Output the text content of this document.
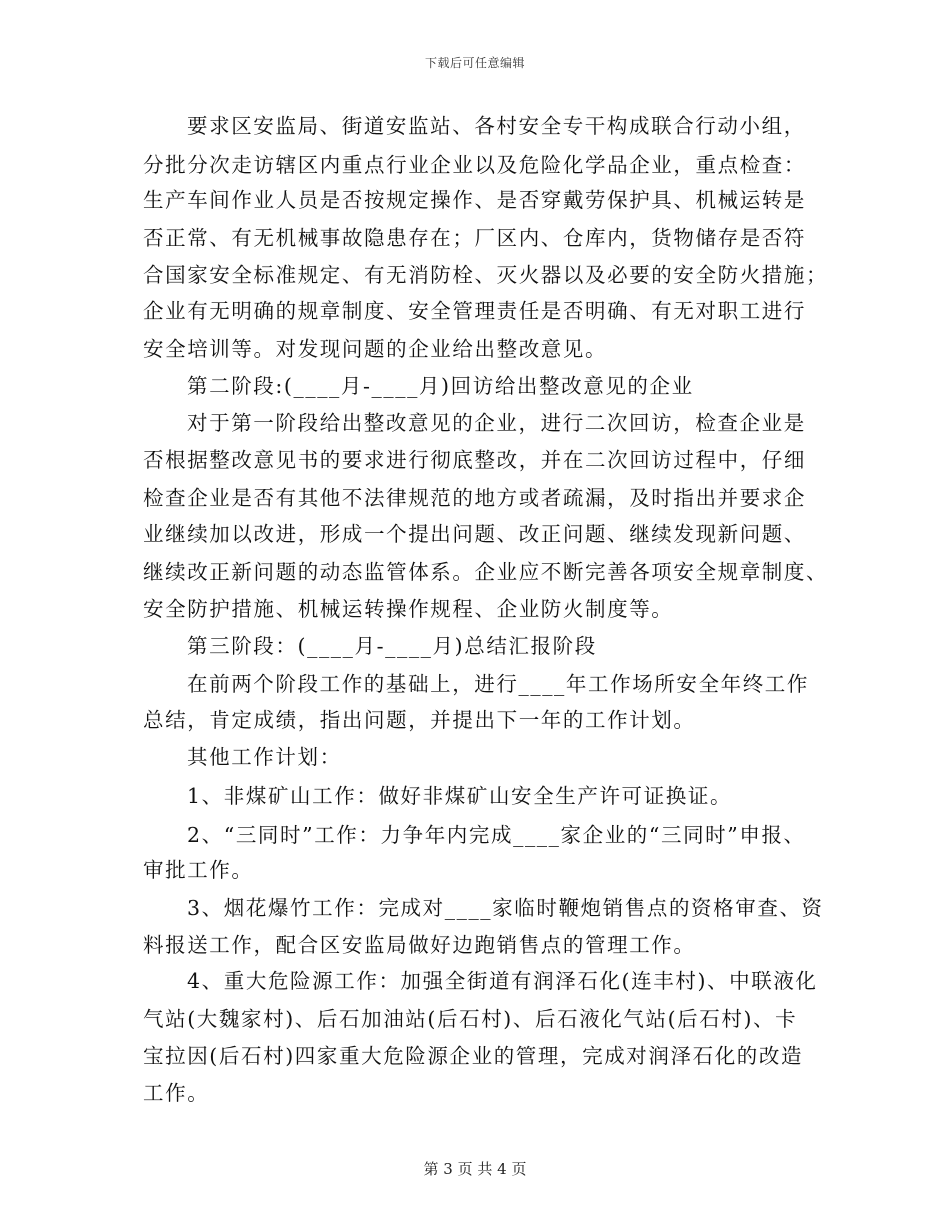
下载后可任意编辑
要求区安监局、街道安监站、各村安全专干构成联合行动小组，
分批分次走访辖区内重点行业企业以及危险化学品企业，重点检查：
生产车间作业人员是否按规定操作、是否穿戴劳保护具、机械运转是
否正常、有无机械事故隐患存在；厂区内、仓库内，货物储存是否符
合国家安全标准规定、有无消防栓、灭火器以及必要的安全防火措施；
企业有无明确的规章制度、安全管理责任是否明确、有无对职工进行
安全培训等。对发现问题的企业给出整改意见。
第二阶段:(____月-____月)回访给出整改意见的企业
对于第一阶段给出整改意见的企业，进行二次回访，检查企业是
否根据整改意见书的要求进行彻底整改，并在二次回访过程中，仔细
检查企业是否有其他不法律规范的地方或者疏漏，及时指出并要求企
业继续加以改进，形成一个提出问题、改正问题、继续发现新问题、
继续改正新问题的动态监管体系。企业应不断完善各项安全规章制度、
安全防护措施、机械运转操作规程、企业防火制度等。
第三阶段：(____月-____月)总结汇报阶段
在前两个阶段工作的基础上，进行____年工作场所安全年终工作
总结，肯定成绩，指出问题，并提出下一年的工作计划。
其他工作计划：
1、非煤矿山工作：做好非煤矿山安全生产许可证换证。
2、“三同时”工作：力争年内完成____家企业的“三同时”申报、
审批工作。
3、烟花爆竹工作：完成对____家临时鞭炮销售点的资格审查、资
料报送工作，配合区安监局做好边跑销售点的管理工作。
4、重大危险源工作：加强全街道有润泽石化(连丰村)、中联液化
气站(大魏家村)、后石加油站(后石村)、后石液化气站(后石村)、卡
宝拉因(后石村)四家重大危险源企业的管理，完成对润泽石化的改造
工作。
第 3 页 共 4 页
